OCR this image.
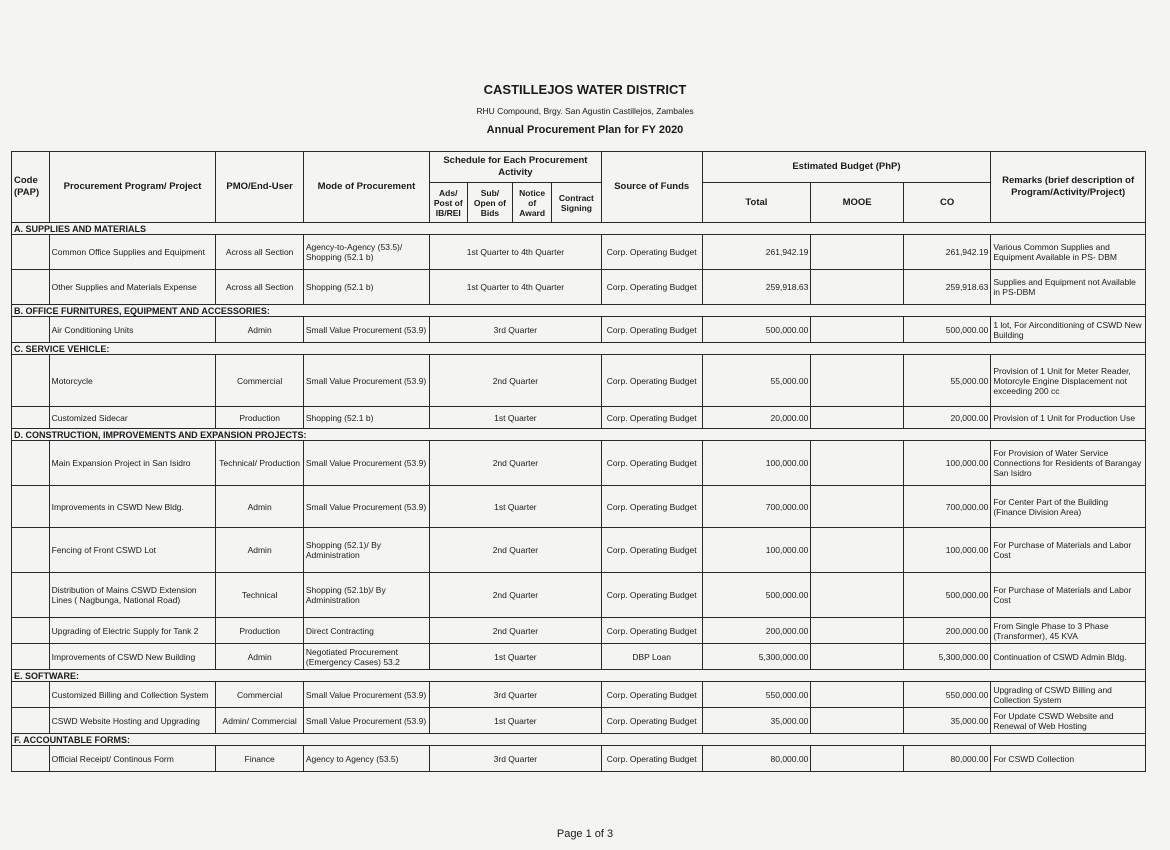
CASTILLEJOS WATER DISTRICT
RHU Compound, Brgy. San Agustin Castillejos, Zambales
Annual Procurement Plan for FY 2020
Code (PAP)	Procurement Program/ Project	PMO/End-User	Mode of Procurement	Schedule for Each Procurement Activity				Source of Funds	Estimated Budget (PhP)			Remarks (brief description of Program/Activity/Project)
				Ads/ Post of IB/REI	Sub/ Open of Bids	Notice of Award	Contract Signing		Total	MOOE	CO	
A. SUPPLIES AND MATERIALS												
	Common Office Supplies and Equipment	Across all Section	Agency-to-Agency (53.5)/ Shopping (52.1 b)	1st Quarter to 4th Quarter				Corp. Operating Budget	261,942.19		261,942.19	Various Common Supplies and Equipment Available in PS- DBM
	Other Supplies and Materials Expense	Across all Section	Shopping (52.1 b)	1st Quarter to 4th Quarter				Corp. Operating Budget	259,918.63		259,918.63	Supplies and Equipment not Available in PS-DBM
B. OFFICE FURNITURES, EQUIPMENT AND ACCESSORIES:												
	Air Conditioning Units	Admin	Small Value Procurement (53.9)	3rd Quarter				Corp. Operating Budget	500,000.00		500,000.00	1 lot, For Airconditioning of CSWD New Building
C. SERVICE VEHICLE:												
	Motorcycle	Commercial	Small Value Procurement (53.9)	2nd Quarter				Corp. Operating Budget	55,000.00		55,000.00	Provision of 1 Unit for Meter Reader, Motorcyle Engine Displacement not exceeding 200 cc
	Customized Sidecar	Production	Shopping (52.1 b)	1st Quarter				Corp. Operating Budget	20,000.00		20,000.00	Provision of 1 Unit for Production Use
D. CONSTRUCTION, IMPROVEMENTS AND EXPANSION PROJECTS:												
	Main Expansion Project in San Isidro	Technical/ Production	Small Value Procurement (53.9)	2nd Quarter				Corp. Operating Budget	100,000.00		100,000.00	For Provision of Water Service Connections for Residents of Barangay San Isidro
	Improvements in CSWD New Bldg.	Admin	Small Value Procurement (53.9)	1st Quarter				Corp. Operating Budget	700,000.00		700,000.00	For Center Part of the Building (Finance Division Area)
	Fencing of Front CSWD Lot	Admin	Shopping (52.1)/ By Administration	2nd Quarter				Corp. Operating Budget	100,000.00		100,000.00	For Purchase of Materials and Labor Cost
	Distribution of Mains CSWD Extension Lines ( Nagbunga, National Road)	Technical	Shopping (52.1b)/ By Administration	2nd Quarter				Corp. Operating Budget	500,000.00		500,000.00	For Purchase of Materials and Labor Cost
	Upgrading of Electric Supply for Tank 2	Production	Direct Contracting	2nd Quarter				Corp. Operating Budget	200,000.00		200,000.00	From Single Phase to 3 Phase (Transformer), 45 KVA
	Improvements of CSWD New Building	Admin	Negotiated Procurement (Emergency Cases) 53.2	1st Quarter				DBP Loan	5,300,000.00		5,300,000.00	Continuation of CSWD Admin Bldg.
E. SOFTWARE:												
	Customized Billing and Collection System	Commercial	Small Value Procurement (53.9)	3rd Quarter				Corp. Operating Budget	550,000.00		550,000.00	Upgrading of CSWD Billing and Collection System
	CSWD Website Hosting and Upgrading	Admin/ Commercial	Small Value Procurement (53.9)	1st Quarter				Corp. Operating Budget	35,000.00		35,000.00	For Update CSWD Website and Renewal of Web Hosting
F. ACCOUNTABLE FORMS:												
	Official Receipt/ Continous Form	Finance	Agency to Agency (53.5)	3rd Quarter				Corp. Operating Budget	80,000.00		80,000.00	For CSWD Collection
Page 1 of 3
